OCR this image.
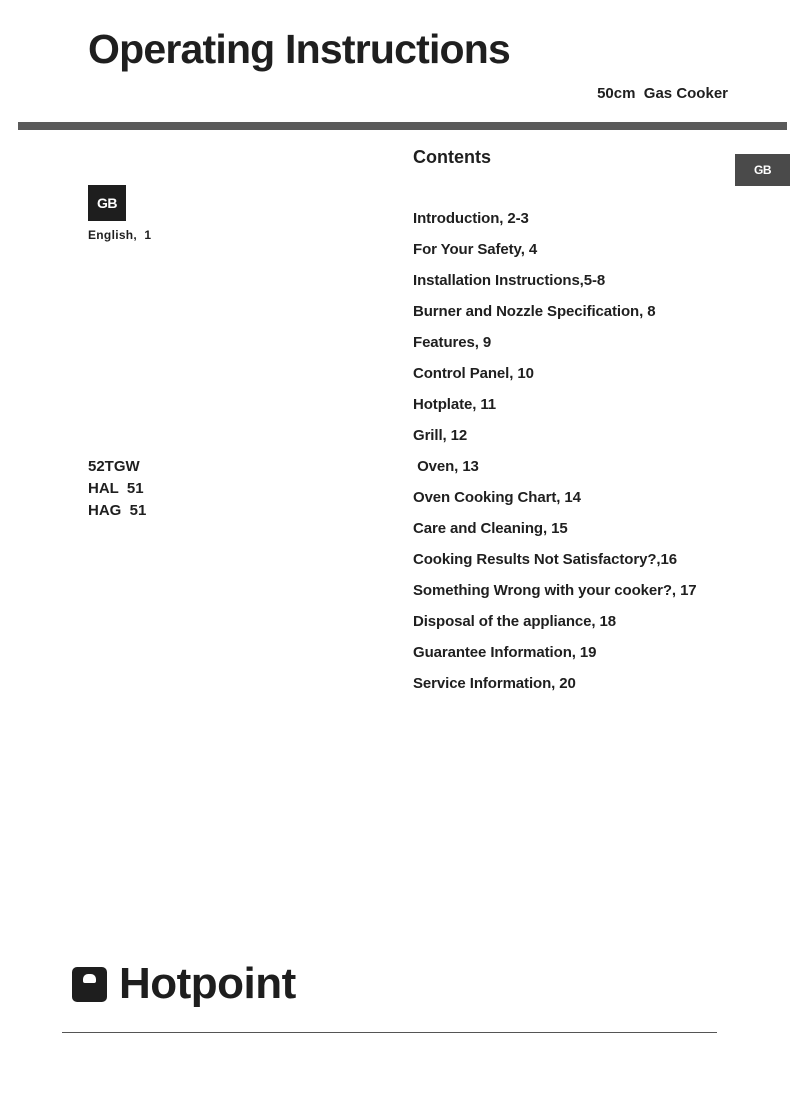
Operating Instructions
50cm  Gas Cooker
GB
GB
English,  1
52TGW
HAL  51
HAG  51
Contents
Introduction, 2-3
For Your Safety, 4
Installation Instructions,5-8
Burner and Nozzle Specification, 8
Features, 9
Control Panel, 10
Hotplate, 11
Grill, 12
Oven, 13
Oven Cooking Chart, 14
Care and Cleaning, 15
Cooking Results Not Satisfactory?,16
Something Wrong with your cooker?, 17
Disposal of the appliance, 18
Guarantee Information, 19
Service Information, 20
Hotpoint
